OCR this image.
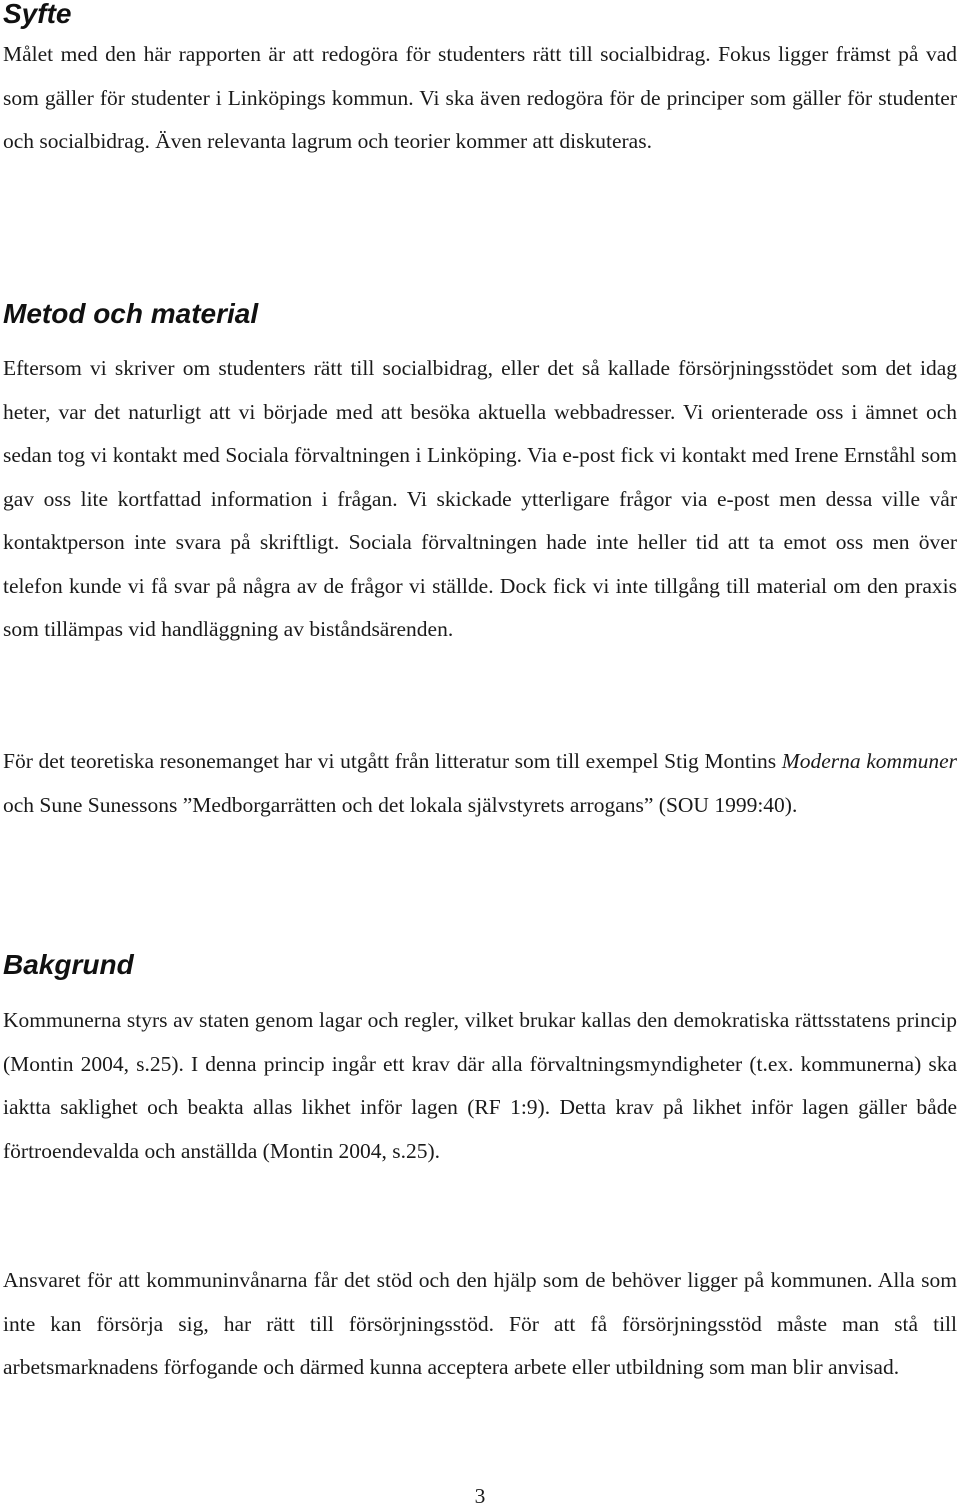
Syfte

Målet med den här rapporten är att redogöra för studenters rätt till socialbidrag. Fokus ligger främst på vad som gäller för studenter i Linköpings kommun. Vi ska även redogöra för de principer som gäller för studenter och socialbidrag. Även relevanta lagrum och teorier kommer att diskuteras.

Metod och material

Eftersom vi skriver om studenters rätt till socialbidrag, eller det så kallade försörjningsstödet som det idag heter, var det naturligt att vi började med att besöka aktuella webbadresser. Vi orienterade oss i ämnet och sedan tog vi kontakt med Sociala förvaltningen i Linköping. Via e-post fick vi kontakt med Irene Ernståhl som gav oss lite kortfattad information i frågan. Vi skickade ytterligare frågor via e-post men dessa ville vår kontaktperson inte svara på skriftligt. Sociala förvaltningen hade inte heller tid att ta emot oss men över telefon kunde vi få svar på några av de frågor vi ställde. Dock fick vi inte tillgång till material om den praxis som tillämpas vid handläggning av biståndsärenden.

För det teoretiska resonemanget har vi utgått från litteratur som till exempel Stig Montins Moderna kommuner och Sune Sunessons ”Medborgarrätten och det lokala självstyrets arrogans” (SOU 1999:40).

Bakgrund

Kommunerna styrs av staten genom lagar och regler, vilket brukar kallas den demokratiska rättsstatens princip (Montin 2004, s.25). I denna princip ingår ett krav där alla förvaltningsmyndigheter (t.ex. kommunerna) ska iaktta saklighet och beakta allas likhet inför lagen (RF 1:9). Detta krav på likhet inför lagen gäller både förtroendevalda och anställda (Montin 2004, s.25).

Ansvaret för att kommuninvånarna får det stöd och den hjälp som de behöver ligger på kommunen. Alla som inte kan försörja sig, har rätt till försörjningsstöd. För att få försörjningsstöd måste man stå till arbetsmarknadens förfogande och därmed kunna acceptera arbete eller utbildning som man blir anvisad.

3
